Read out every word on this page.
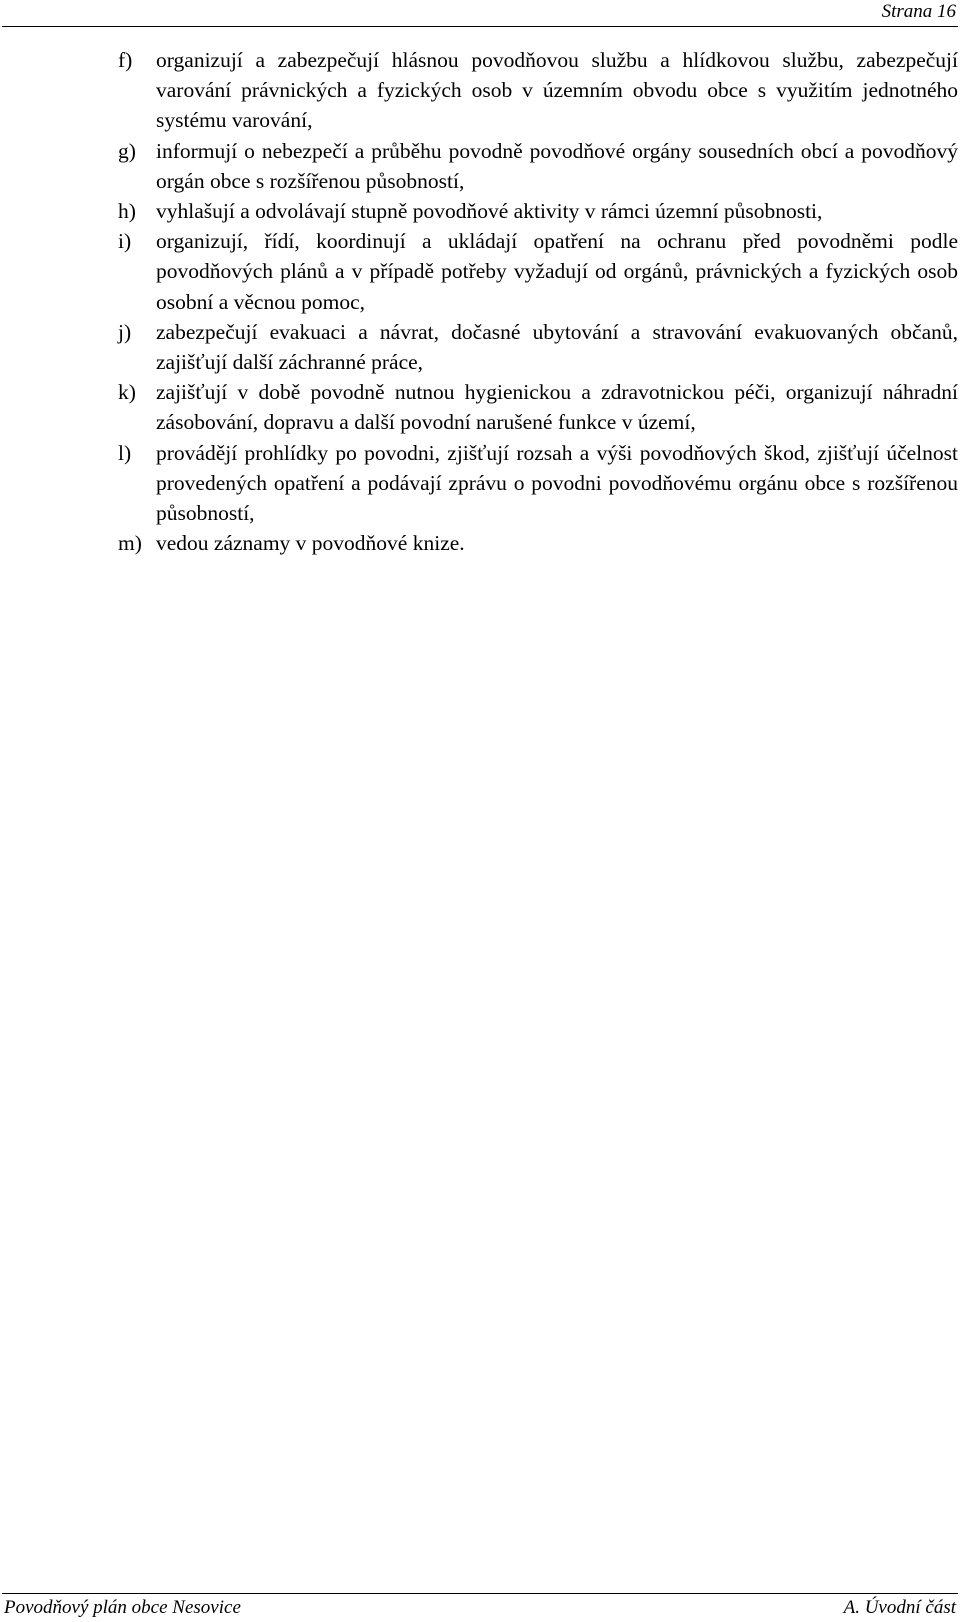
Strana 16
f)	organizují a zabezpečují hlásnou povodňovou službu a hlídkovou službu, zabezpečují varování právnických a fyzických osob v územním obvodu obce s využitím jednotného systému varování,
g) informují o nebezpečí a průběhu povodně povodňové orgány sousedních obcí a povodňový orgán obce s rozšířenou působností,
h) vyhlašují a odvolávají stupně povodňové aktivity v rámci územní působnosti,
i)	organizují, řídí, koordinují a ukládají opatření na ochranu před povodněmi podle povodňových plánů a v případě potřeby vyžadují od orgánů, právnických a fyzických osob osobní a věcnou pomoc,
j)	zabezpečují evakuaci a návrat, dočasné ubytování a stravování evakuovaných občanů, zajišťují další záchranné práce,
k) zajišťují v době povodně nutnou hygienickou a zdravotnickou péči, organizují náhradní zásobování, dopravu a další povodní narušené funkce v území,
l)	provádějí prohlídky po povodni, zjišťují rozsah a výši povodňových škod, zjišťují účelnost provedených opatření a podávají zprávu o povodni povodňovému orgánu obce s rozšířenou působností,
m) vedou záznamy v povodňové knize.
Povodňový plán obce Nesovice	A. Úvodní část
